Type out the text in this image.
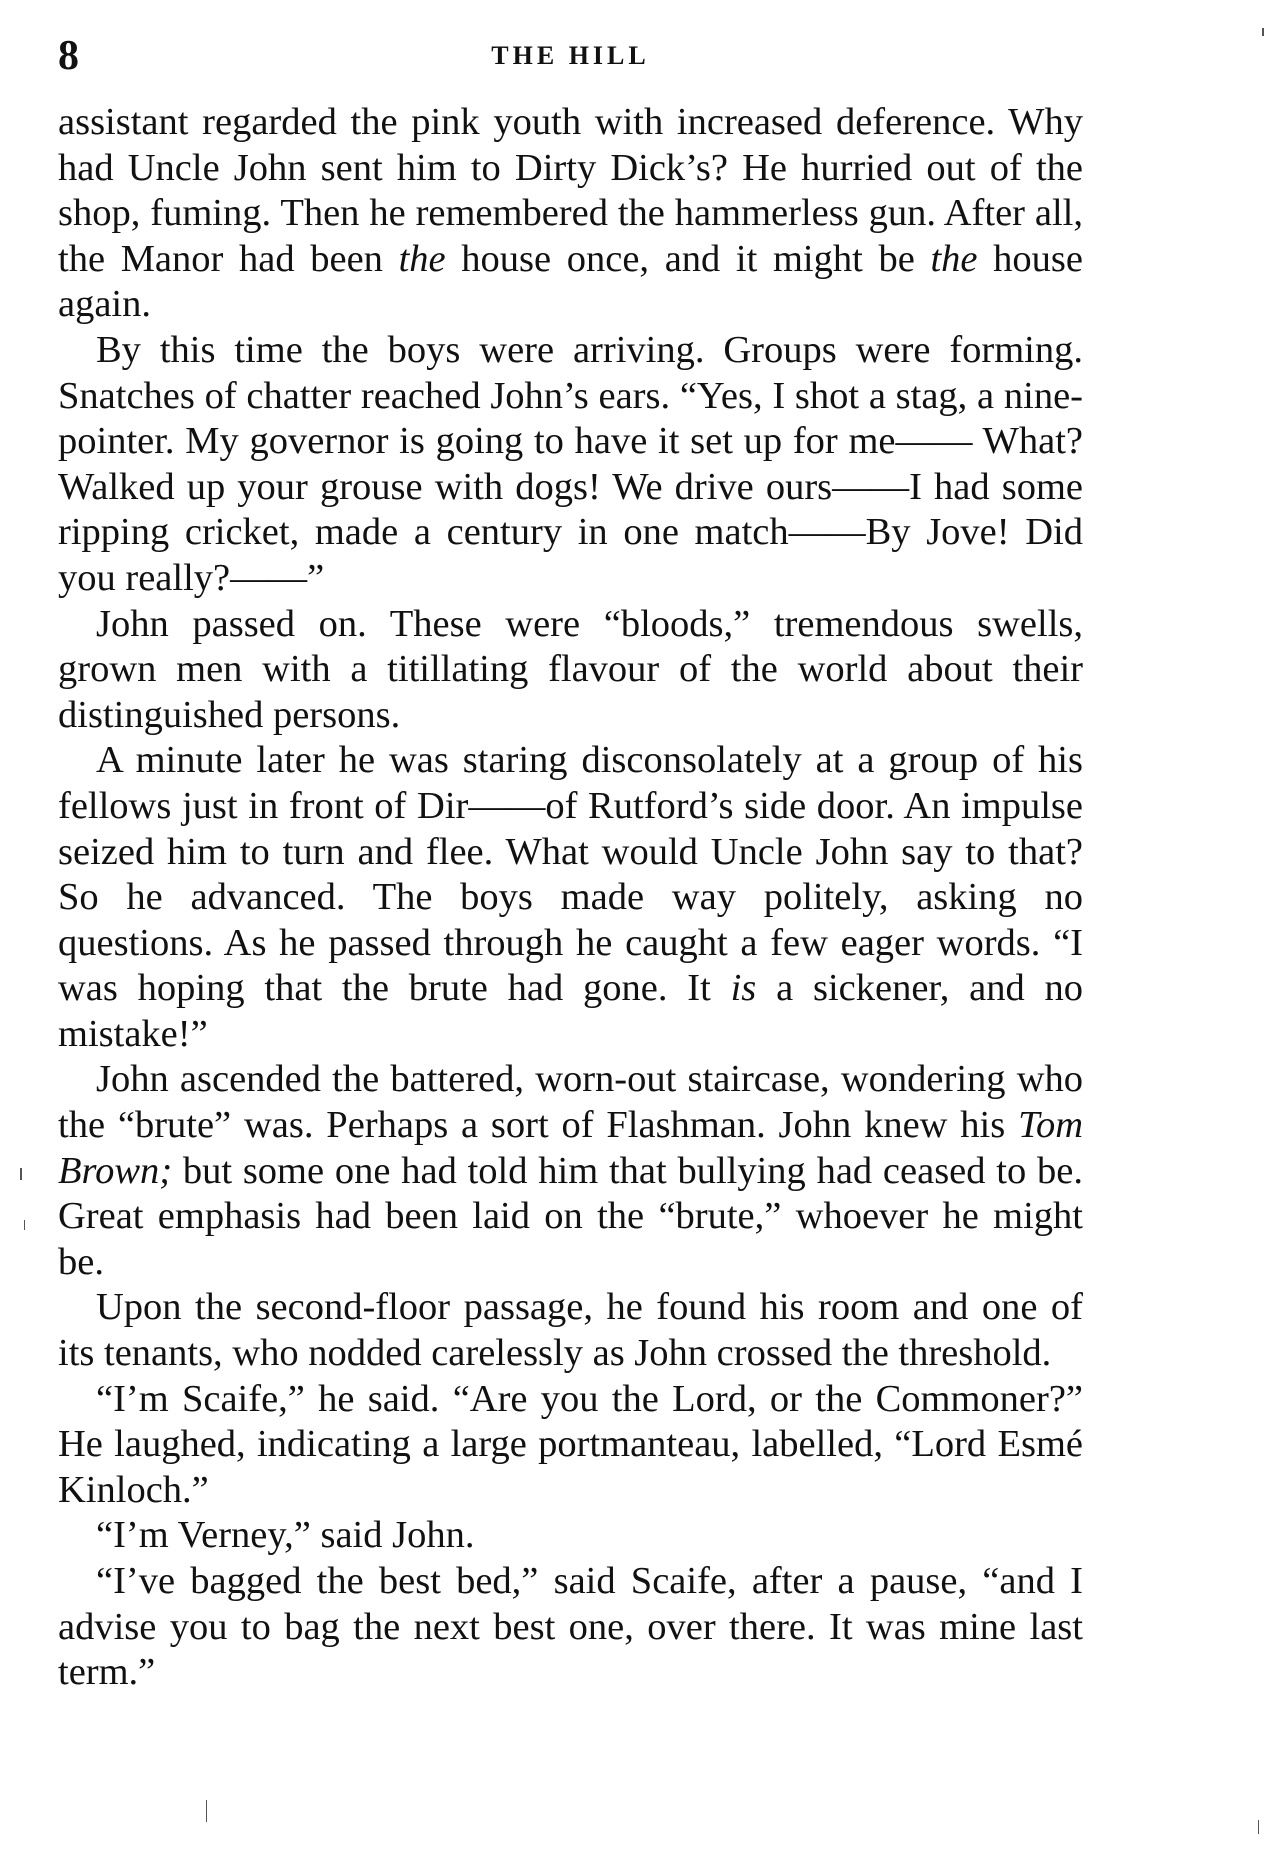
8	THE HILL

assistant regarded the pink youth with increased deference. Why had Uncle John sent him to Dirty Dick’s? He hurried out of the shop, fuming. Then he remembered the hammerless gun. After all, the Manor had been the house once, and it might be the house again.

By this time the boys were arriving. Groups were forming. Snatches of chatter reached John’s ears. “Yes, I shot a stag, a nine-pointer. My governor is going to have it set up for me—— What? Walked up your grouse with dogs! We drive ours——I had some ripping cricket, made a century in one match——By Jove! Did you really?——”

John passed on. These were “bloods,” tremendous swells, grown men with a titillating flavour of the world about their distinguished persons.

A minute later he was staring disconsolately at a group of his fellows just in front of Dir——of Rutford’s side door. An impulse seized him to turn and flee. What would Uncle John say to that? So he advanced. The boys made way politely, asking no questions. As he passed through he caught a few eager words. “I was hoping that the brute had gone. It is a sickener, and no mistake!”

John ascended the battered, worn-out staircase, wondering who the “brute” was. Perhaps a sort of Flashman. John knew his Tom Brown; but some one had told him that bullying had ceased to be. Great emphasis had been laid on the “brute,” whoever he might be.

Upon the second-floor passage, he found his room and one of its tenants, who nodded carelessly as John crossed the threshold.

“I’m Scaife,” he said. “Are you the Lord, or the Commoner?” He laughed, indicating a large portmanteau, labelled, “Lord Esmé Kinloch.”

“I’m Verney,” said John.

“I’ve bagged the best bed,” said Scaife, after a pause, “and I advise you to bag the next best one, over there. It was mine last term.”
